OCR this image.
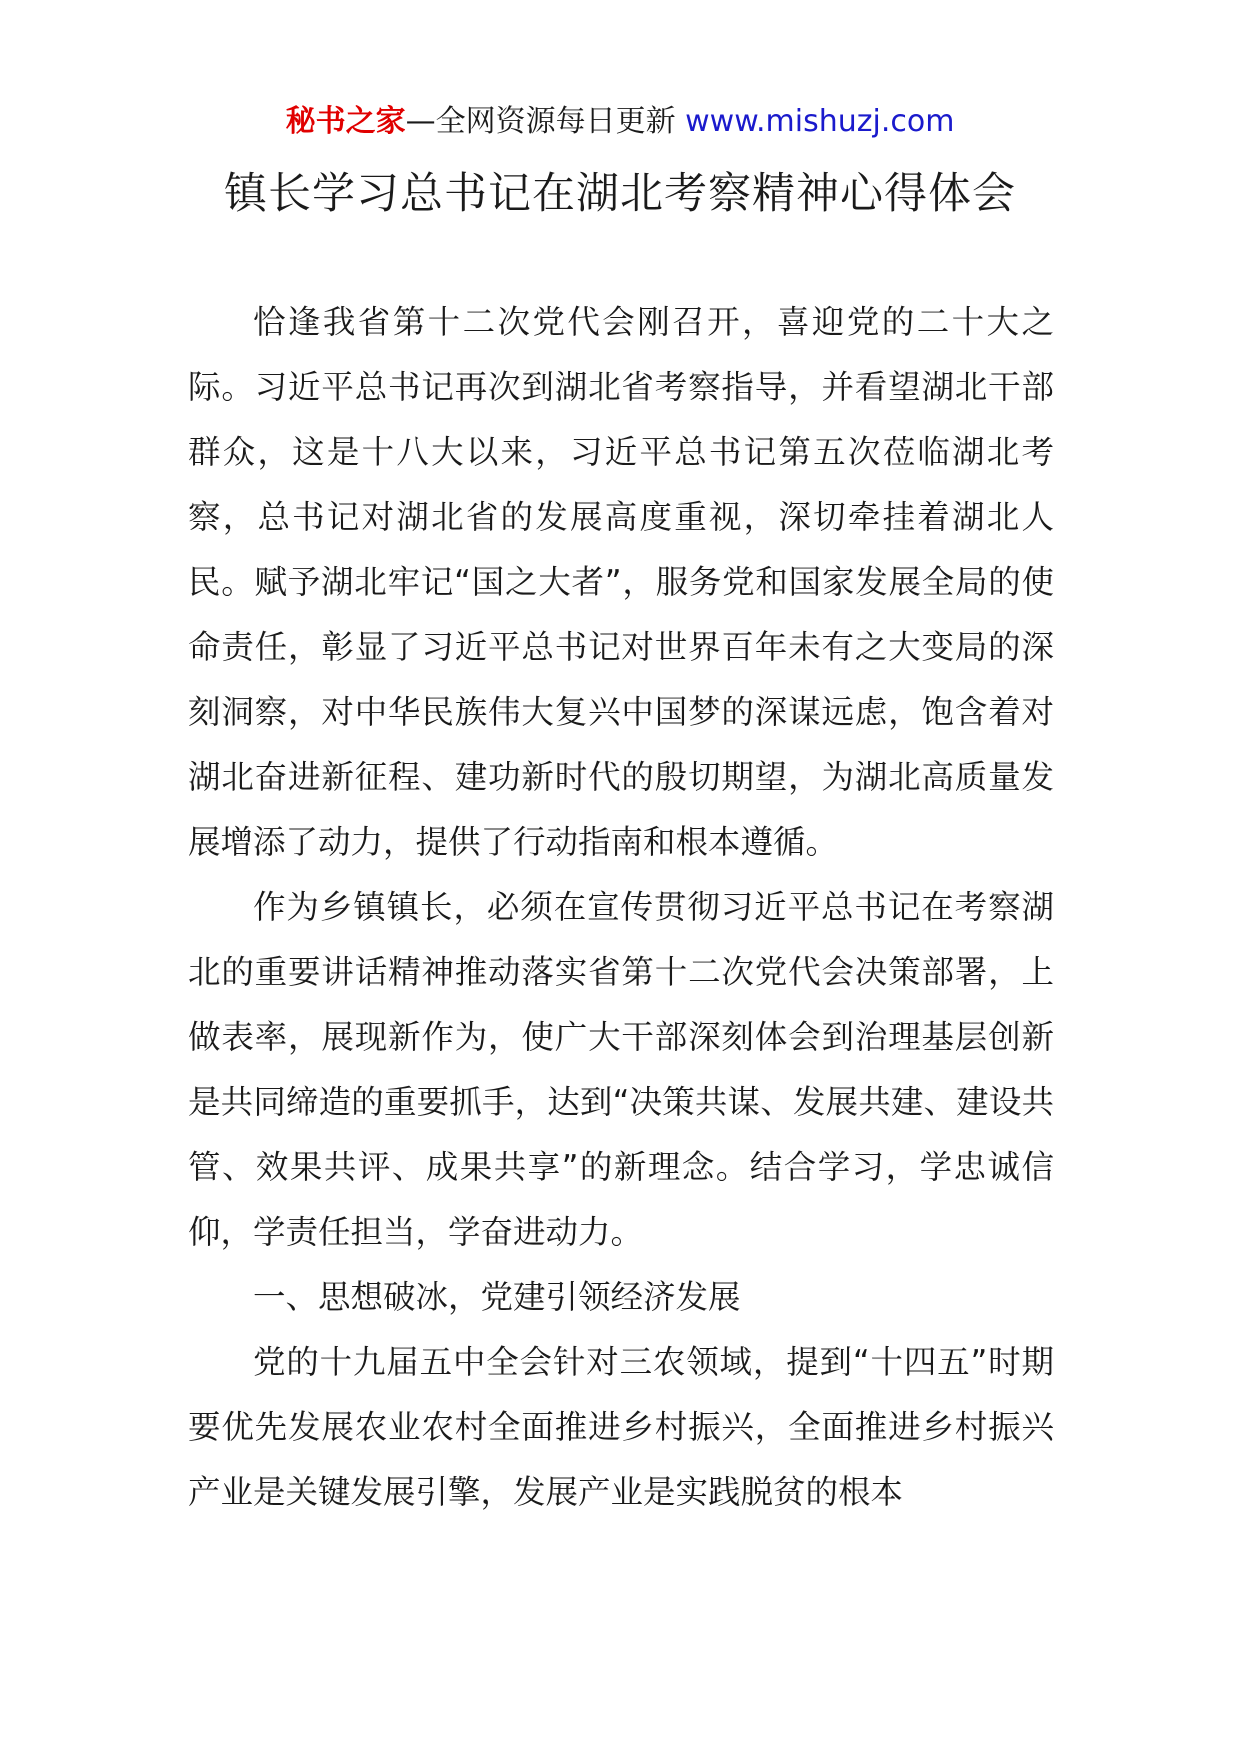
秘书之家—全网资源每日更新 www.mishuzj.com
镇长学习总书记在湖北考察精神心得体会

恰逢我省第十二次党代会刚召开，喜迎党的二十大之际。习近平总书记再次到湖北省考察指导，并看望湖北干部群众，这是十八大以来，习近平总书记第五次莅临湖北考察，总书记对湖北省的发展高度重视，深切牵挂着湖北人民。赋予湖北牢记“国之大者”，服务党和国家发展全局的使命责任，彰显了习近平总书记对世界百年未有之大变局的深刻洞察，对中华民族伟大复兴中国梦的深谋远虑，饱含着对湖北奋进新征程、建功新时代的殷切期望，为湖北高质量发展增添了动力，提供了行动指南和根本遵循。

作为乡镇镇长，必须在宣传贯彻习近平总书记在考察湖北的重要讲话精神推动落实省第十二次党代会决策部署，上做表率，展现新作为，使广大干部深刻体会到治理基层创新是共同缔造的重要抓手，达到“决策共谋、发展共建、建设共管、效果共评、成果共享”的新理念。结合学习，学忠诚信仰，学责任担当，学奋进动力。

一、思想破冰，党建引领经济发展

党的十九届五中全会针对三农领域，提到“十四五”时期要优先发展农业农村全面推进乡村振兴，全面推进乡村振兴产业是关键发展引擎，发展产业是实践脱贫的根本
